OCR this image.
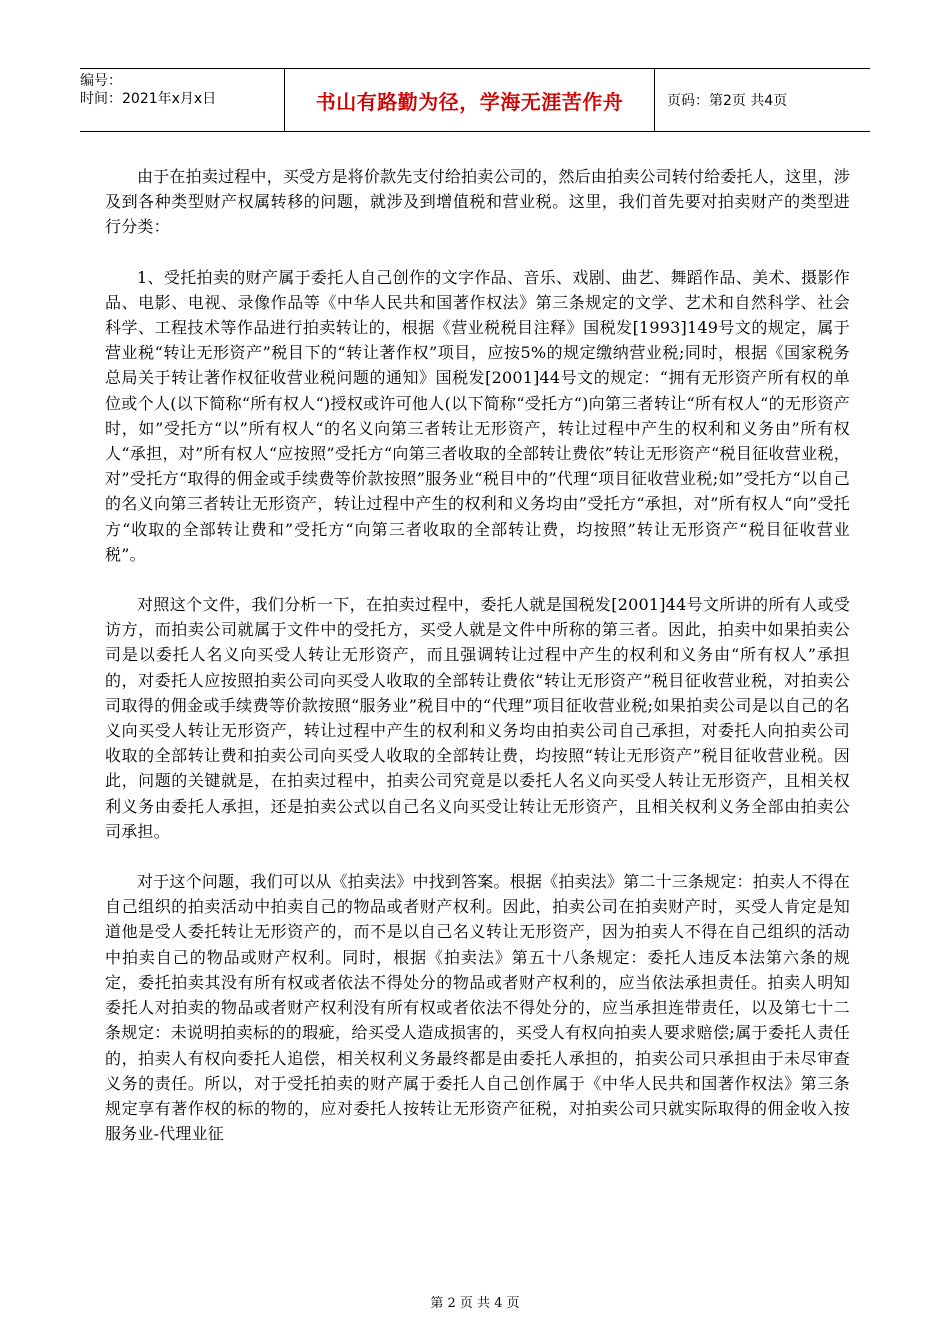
编号：
时间：2021年x月x日	书山有路勤为径，学海无涯苦作舟	页码：第2页 共4页

由于在拍卖过程中，买受方是将价款先支付给拍卖公司的，然后由拍卖公司转付给委托人，这里，涉及到各种类型财产权属转移的问题，就涉及到增值税和营业税。这里，我们首先要对拍卖财产的类型进行分类：

1、受托拍卖的财产属于委托人自己创作的文字作品、音乐、戏剧、曲艺、舞蹈作品、美术、摄影作品、电影、电视、录像作品等《中华人民共和国著作权法》第三条规定的文学、艺术和自然科学、社会科学、工程技术等作品进行拍卖转让的，根据《营业税税目注释》国税发[1993]149号文的规定，属于营业税“转让无形资产”税目下的“转让著作权”项目，应按5%的规定缴纳营业税;同时，根据《国家税务总局关于转让著作权征收营业税问题的通知》国税发[2001]44号文的规定：“拥有无形资产所有权的单位或个人(以下简称“所有权人“)授权或许可他人(以下简称“受托方“)向第三者转让“所有权人“的无形资产时，如”受托方“以”所有权人“的名义向第三者转让无形资产，转让过程中产生的权利和义务由”所有权人“承担，对”所有权人“应按照”受托方“向第三者收取的全部转让费依”转让无形资产“税目征收营业税，对”受托方“取得的佣金或手续费等价款按照”服务业“税目中的”代理“项目征收营业税;如”受托方“以自己的名义向第三者转让无形资产，转让过程中产生的权利和义务均由”受托方“承担，对”所有权人“向”受托方“收取的全部转让费和”受托方“向第三者收取的全部转让费，均按照”转让无形资产“税目征收营业税”。

对照这个文件，我们分析一下，在拍卖过程中，委托人就是国税发[2001]44号文所讲的所有人或受访方，而拍卖公司就属于文件中的受托方，买受人就是文件中所称的第三者。因此，拍卖中如果拍卖公司是以委托人名义向买受人转让无形资产，而且强调转让过程中产生的权利和义务由“所有权人”承担的，对委托人应按照拍卖公司向买受人收取的全部转让费依“转让无形资产”税目征收营业税，对拍卖公司取得的佣金或手续费等价款按照“服务业”税目中的“代理”项目征收营业税;如果拍卖公司是以自己的名义向买受人转让无形资产，转让过程中产生的权利和义务均由拍卖公司自己承担，对委托人向拍卖公司收取的全部转让费和拍卖公司向买受人收取的全部转让费，均按照“转让无形资产”税目征收营业税。因此，问题的关键就是，在拍卖过程中，拍卖公司究竟是以委托人名义向买受人转让无形资产，且相关权利义务由委托人承担，还是拍卖公式以自己名义向买受让转让无形资产，且相关权利义务全部由拍卖公司承担。

对于这个问题，我们可以从《拍卖法》中找到答案。根据《拍卖法》第二十三条规定：拍卖人不得在自己组织的拍卖活动中拍卖自己的物品或者财产权利。因此，拍卖公司在拍卖财产时，买受人肯定是知道他是受人委托转让无形资产的，而不是以自己名义转让无形资产，因为拍卖人不得在自己组织的活动中拍卖自己的物品或财产权利。同时，根据《拍卖法》第五十八条规定：委托人违反本法第六条的规定，委托拍卖其没有所有权或者依法不得处分的物品或者财产权利的，应当依法承担责任。拍卖人明知委托人对拍卖的物品或者财产权利没有所有权或者依法不得处分的，应当承担连带责任，以及第七十二条规定：未说明拍卖标的的瑕疵，给买受人造成损害的，买受人有权向拍卖人要求赔偿;属于委托人责任的，拍卖人有权向委托人追偿，相关权利义务最终都是由委托人承担的，拍卖公司只承担由于未尽审查义务的责任。所以，对于受托拍卖的财产属于委托人自己创作属于《中华人民共和国著作权法》第三条规定享有著作权的标的物的，应对委托人按转让无形资产征税，对拍卖公司只就实际取得的佣金收入按服务业-代理业征

第 2 页 共 4 页
